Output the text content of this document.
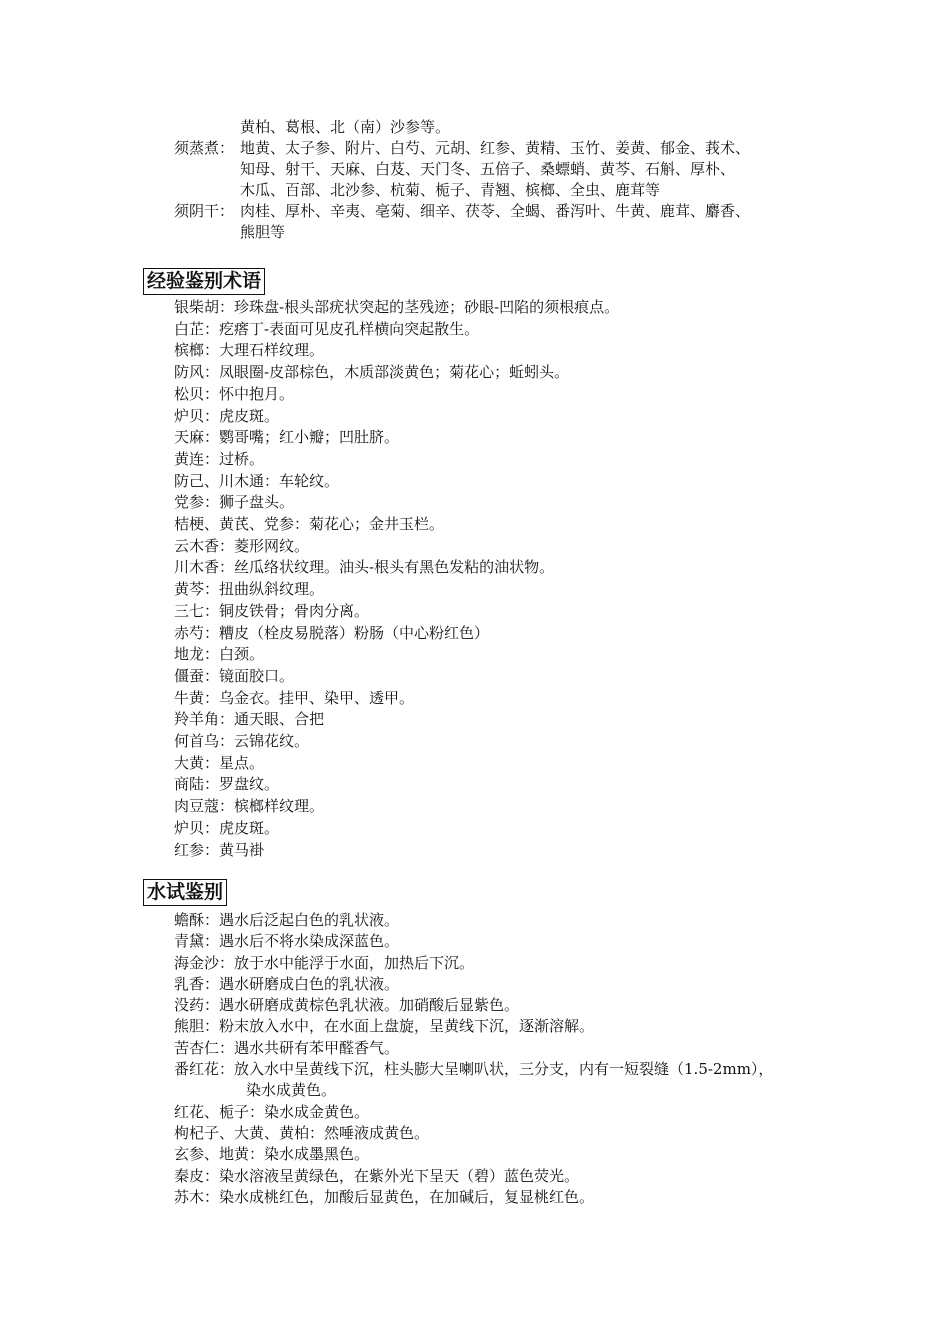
黄柏、葛根、北（南）沙参等。
须蒸煮： 地黄、太子参、附片、白芍、元胡、红参、黄精、玉竹、姜黄、郁金、莪术、
知母、射干、天麻、白芨、天门冬、五倍子、桑螵蛸、黄芩、石斛、厚朴、
木瓜、百部、北沙参、杭菊、栀子、青翘、槟榔、全虫、鹿茸等
须阴干： 肉桂、厚朴、辛夷、亳菊、细辛、茯苓、全蝎、番泻叶、牛黄、鹿茸、麝香、
熊胆等
经验鉴别术语
银柴胡：珍珠盘-根头部疣状突起的茎残迹；砂眼-凹陷的须根痕点。
白芷：疙瘩丁-表面可见皮孔样横向突起散生。
槟榔：大理石样纹理。
防风：凤眼圈-皮部棕色，木质部淡黄色；菊花心；蚯蚓头。
松贝：怀中抱月。
炉贝：虎皮斑。
天麻：鹦哥嘴；红小瓣；凹肚脐。
黄连：过桥。
防己、川木通：车轮纹。
党参：狮子盘头。
桔梗、黄芪、党参：菊花心；金井玉栏。
云木香：菱形网纹。
川木香：丝瓜络状纹理。油头-根头有黑色发粘的油状物。
黄芩：扭曲纵斜纹理。
三七：铜皮铁骨；骨肉分离。
赤芍：糟皮（栓皮易脱落）粉肠（中心粉红色）
地龙：白颈。
僵蚕：镜面胶口。
牛黄：乌金衣。挂甲、染甲、透甲。
羚羊角：通天眼、合把
何首乌：云锦花纹。
大黄：星点。
商陆：罗盘纹。
肉豆蔻：槟榔样纹理。
炉贝：虎皮斑。
红参：黄马褂
水试鉴别
蟾酥：遇水后泛起白色的乳状液。
青黛：遇水后不将水染成深蓝色。
海金沙：放于水中能浮于水面，加热后下沉。
乳香：遇水研磨成白色的乳状液。
没药：遇水研磨成黄棕色乳状液。加硝酸后显紫色。
熊胆：粉末放入水中，在水面上盘旋，呈黄线下沉，逐渐溶解。
苦杏仁：遇水共研有苯甲醛香气。
番红花：放入水中呈黄线下沉，柱头膨大呈喇叭状，三分支，内有一短裂缝（1.5-2mm），
染水成黄色。
红花、栀子：染水成金黄色。
枸杞子、大黄、黄柏：然唾液成黄色。
玄参、地黄：染水成墨黑色。
秦皮：染水溶液呈黄绿色，在紫外光下呈天（碧）蓝色荧光。
苏木：染水成桃红色，加酸后显黄色，在加碱后，复显桃红色。
